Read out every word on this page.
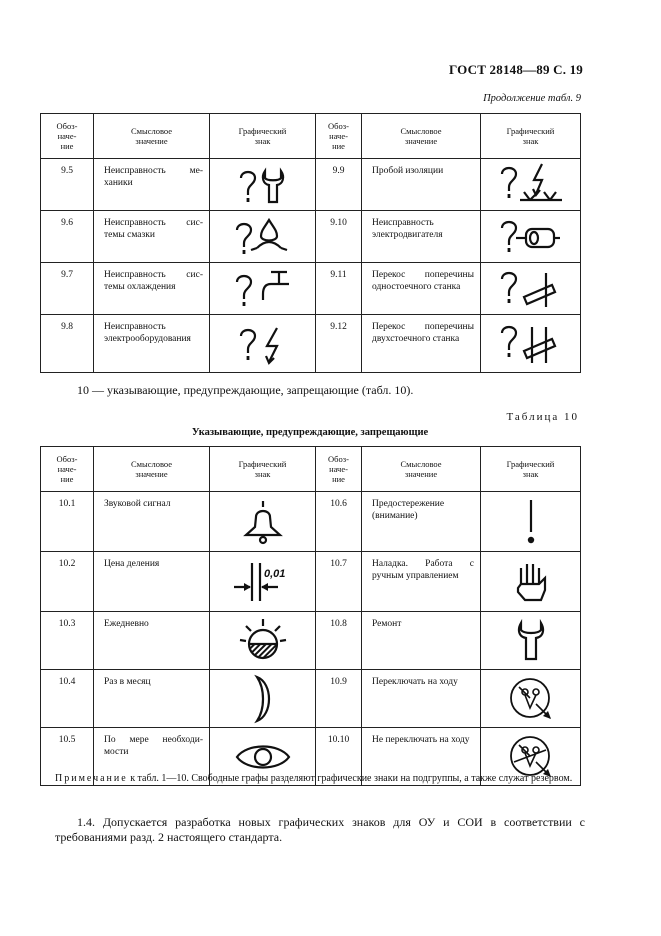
ГОСТ 28148—89 С. 19
Продолжение табл. 9
Обоз-
наче-
ние	Смысловое
значение	Графический
знак	Обоз-
наче-
ние	Смысловое
значение	Графический
знак
9.5	Неисправность ме-ханики		9.9	Пробой изоляции	

9.6	Неисправность сис-темы смазки		9.10	Неисправность электродвигателя	

9.7	Неисправность сис-темы охлаждения		9.11	Перекос поперечины одностоечного станка	

9.8	Неисправность электрооборудования		9.12	Перекос поперечины двухстоечного станка	
10 — указывающие, предупреждающие, запрещающие (табл. 10).
Таблица 10
Указывающие, предупреждающие, запрещающие
Обоз-
наче-
ние	Смысловое
значение	Графический
знак	Обоз-
наче-
ние	Смысловое
значение	Графический
знак
10.1	Звуковой сигнал		10.6	Предостережение (внимание)	

10.2	Цена деления	0,01	10.7	Наладка. Работа с ручным управлением	

10.3	Ежедневно		10.8	Ремонт	

10.4	Раз в месяц		10.9	Переключать на ходу	

10.5	По мере необходи-мости		10.10	Не переключать на ходу	
Примечание к табл. 1—10. Свободные графы разделяют графические знаки на подгруппы, а также служат резервом.
1.4. Допускается разработка новых графических знаков для ОУ и СОИ в соответствии с требованиями разд. 2 настоящего стандарта.
